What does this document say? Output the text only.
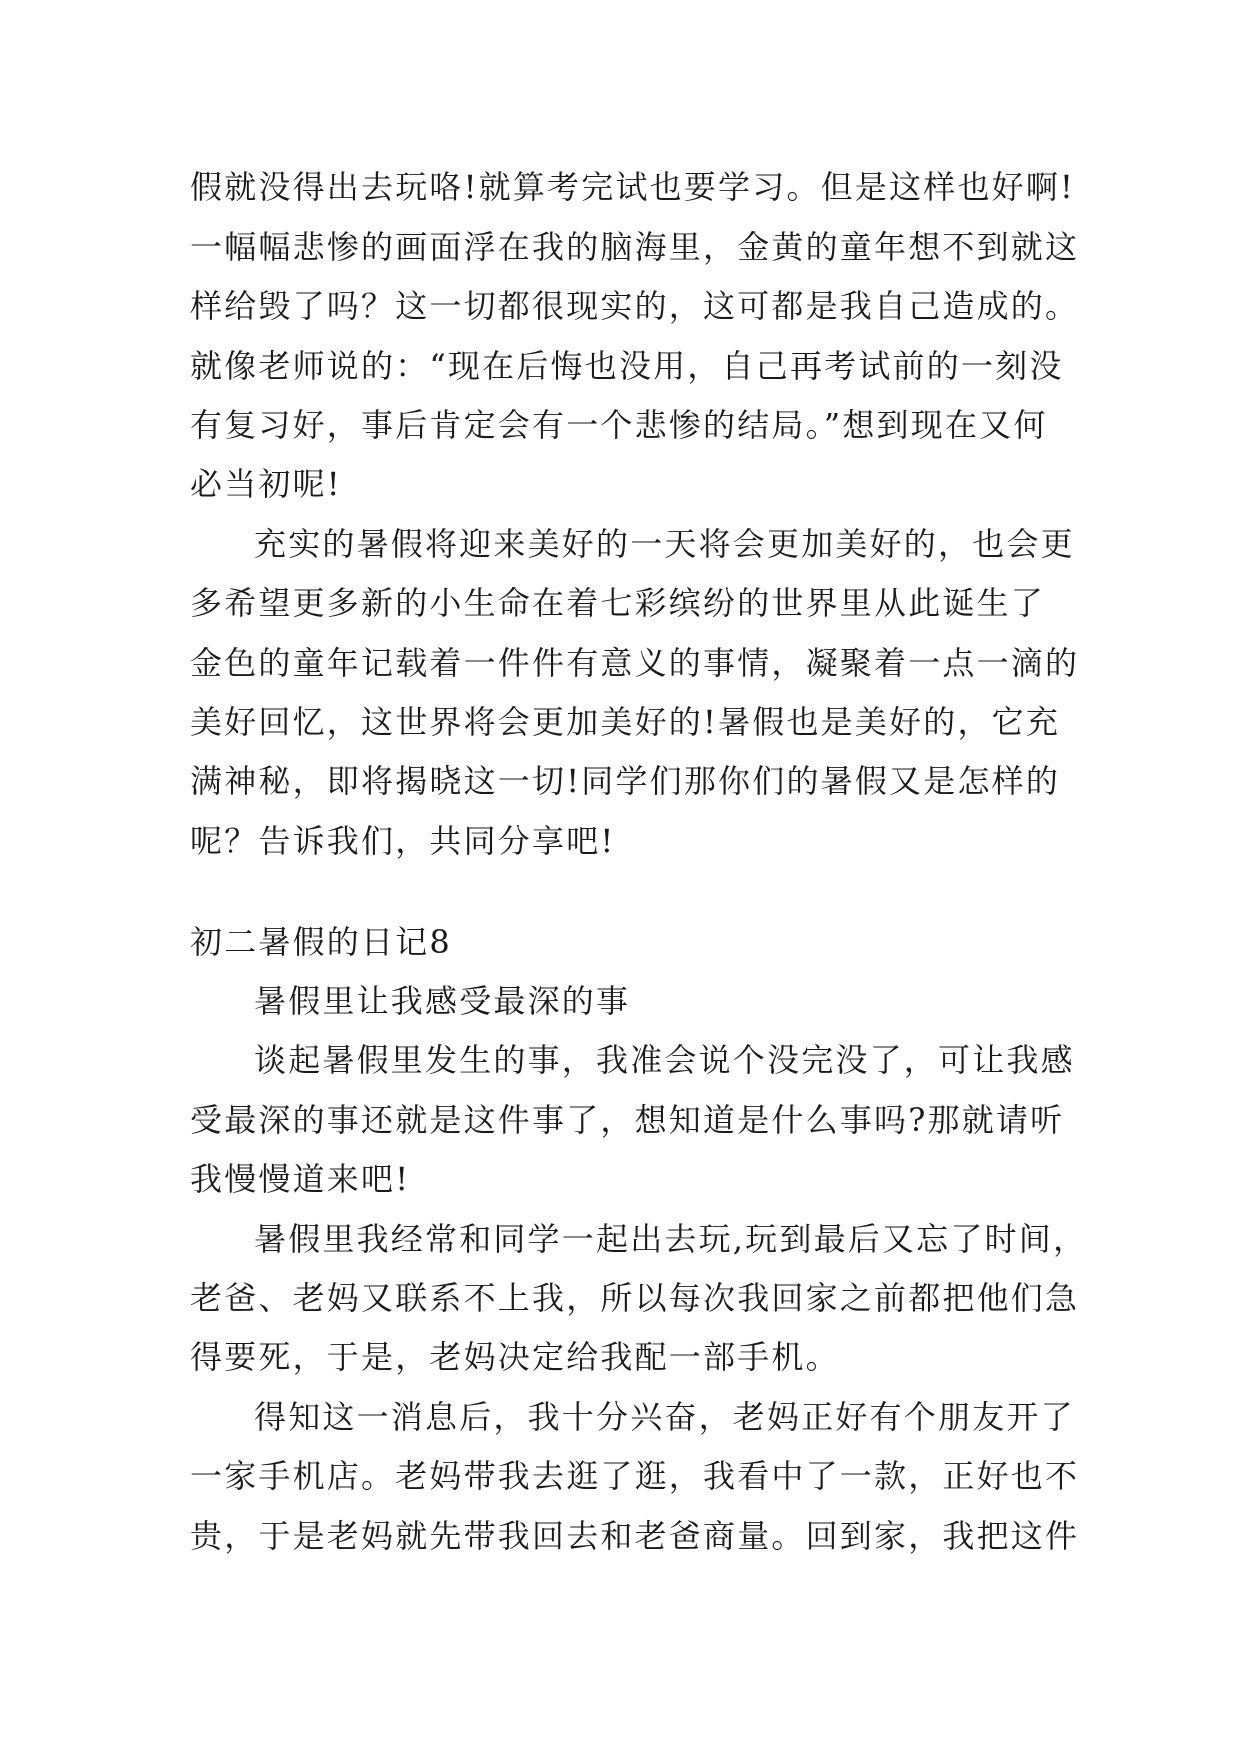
假就没得出去玩咯!就算考完试也要学习。但是这样也好啊!
一幅幅悲惨的画面浮在我的脑海里，金黄的童年想不到就这
样给毁了吗？这一切都很现实的，这可都是我自己造成的。
就像老师说的：“现在后悔也没用，自己再考试前的一刻没
有复习好，事后肯定会有一个悲惨的结局。”想到现在又何
必当初呢!
充实的暑假将迎来美好的一天将会更加美好的，也会更
多希望更多新的小生命在着七彩缤纷的世界里从此诞生了
金色的童年记载着一件件有意义的事情，凝聚着一点一滴的
美好回忆，这世界将会更加美好的!暑假也是美好的，它充
满神秘，即将揭晓这一切!同学们那你们的暑假又是怎样的
呢？告诉我们，共同分享吧!
初二暑假的日记8
暑假里让我感受最深的事
谈起暑假里发生的事，我准会说个没完没了，可让我感
受最深的事还就是这件事了，想知道是什么事吗?那就请听
我慢慢道来吧!
暑假里我经常和同学一起出去玩,玩到最后又忘了时间，
老爸、老妈又联系不上我，所以每次我回家之前都把他们急
得要死，于是，老妈决定给我配一部手机。
得知这一消息后，我十分兴奋，老妈正好有个朋友开了
一家手机店。老妈带我去逛了逛，我看中了一款，正好也不
贵，于是老妈就先带我回去和老爸商量。回到家，我把这件
